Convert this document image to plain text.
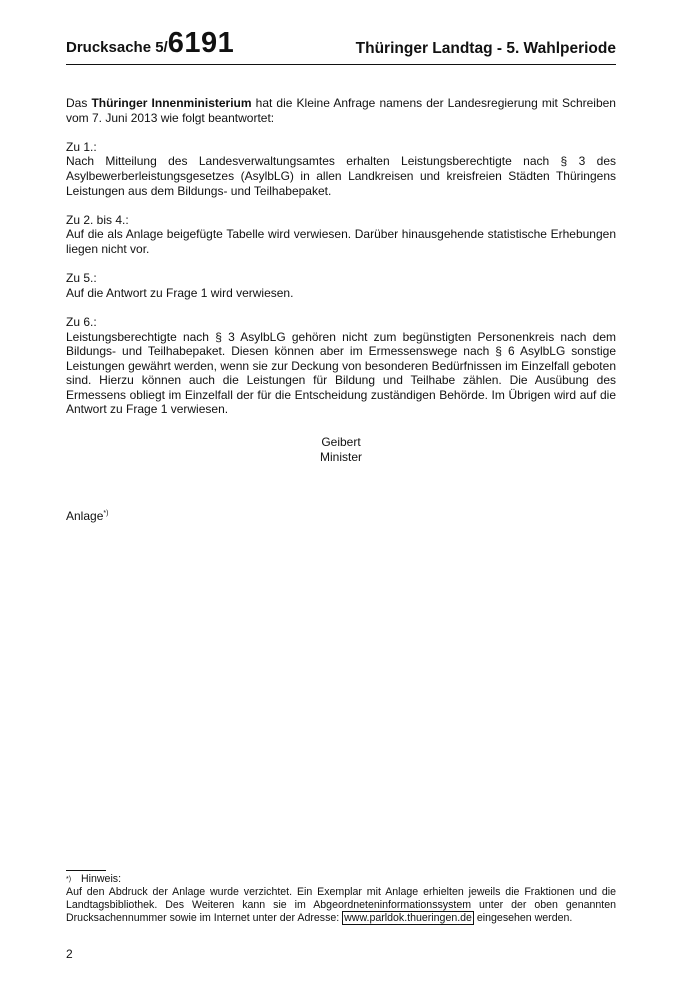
Drucksache 5/6191	Thüringer Landtag - 5. Wahlperiode

Das Thüringer Innenministerium hat die Kleine Anfrage namens der Landesregierung mit Schreiben vom 7. Juni 2013 wie folgt beantwortet:

Zu 1.:
Nach Mitteilung des Landesverwaltungsamtes erhalten Leistungsberechtigte nach § 3 des Asylbewerberleistungsgesetzes (AsylbLG) in allen Landkreisen und kreisfreien Städten Thüringens Leistungen aus dem Bildungs- und Teilhabepaket.
Zu 2. bis 4.:
Auf die als Anlage beigefügte Tabelle wird verwiesen. Darüber hinausgehende statistische Erhebungen liegen nicht vor.
Zu 5.:
Auf die Antwort zu Frage 1 wird verwiesen.
Zu 6.:
Leistungsberechtigte nach § 3 AsylbLG gehören nicht zum begünstigten Personenkreis nach dem Bildungs- und Teilhabepaket. Diesen können aber im Ermessenswege nach § 6 AsylbLG sonstige Leistungen gewährt werden, wenn sie zur Deckung von besonderen Bedürfnissen im Einzelfall geboten sind. Hierzu können auch die Leistungen für Bildung und Teilhabe zählen. Die Ausübung des Ermessens obliegt im Einzelfall der für die Entscheidung zuständigen Behörde. Im Übrigen wird auf die Antwort zu Frage 1 verwiesen.
Geibert
Minister
Anlage*)
*) Hinweis:
Auf den Abdruck der Anlage wurde verzichtet. Ein Exemplar mit Anlage erhielten jeweils die Fraktionen und die Landtagsbibliothek. Des Weiteren kann sie im Abgeordneteninformationssystem unter der oben genannten Drucksachennummer sowie im Internet unter der Adresse: www.parldok.thueringen.de eingesehen werden.
2
